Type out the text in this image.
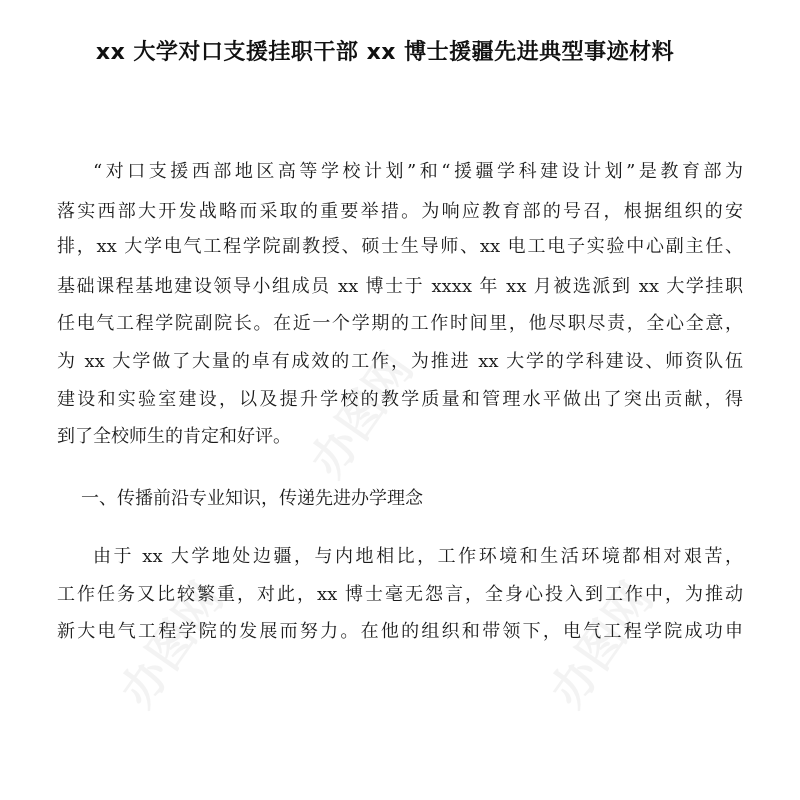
办图网
办图网	办图网
xx 大学对口支援挂职干部 xx 博士援疆先进典型事迹材料
“对口支援西部地区高等学校计划”和“援疆学科建设计划”是教育部为
落实西部大开发战略而采取的重要举措。为响应教育部的号召，根据组织的安
排，xx 大学电气工程学院副教授、硕士生导师、xx 电工电子实验中心副主任、
基础课程基地建设领导小组成员 xx 博士于 xxxx 年 xx 月被选派到 xx 大学挂职
任电气工程学院副院长。在近一个学期的工作时间里，他尽职尽责，全心全意，
为 xx 大学做了大量的卓有成效的工作，为推进 xx 大学的学科建设、师资队伍
建设和实验室建设，以及提升学校的教学质量和管理水平做出了突出贡献，得
到了全校师生的肯定和好评。
一、传播前沿专业知识，传递先进办学理念
由于 xx 大学地处边疆，与内地相比，工作环境和生活环境都相对艰苦，
工作任务又比较繁重，对此，xx 博士毫无怨言，全身心投入到工作中，为推动
新大电气工程学院的发展而努力。在他的组织和带领下，电气工程学院成功申
